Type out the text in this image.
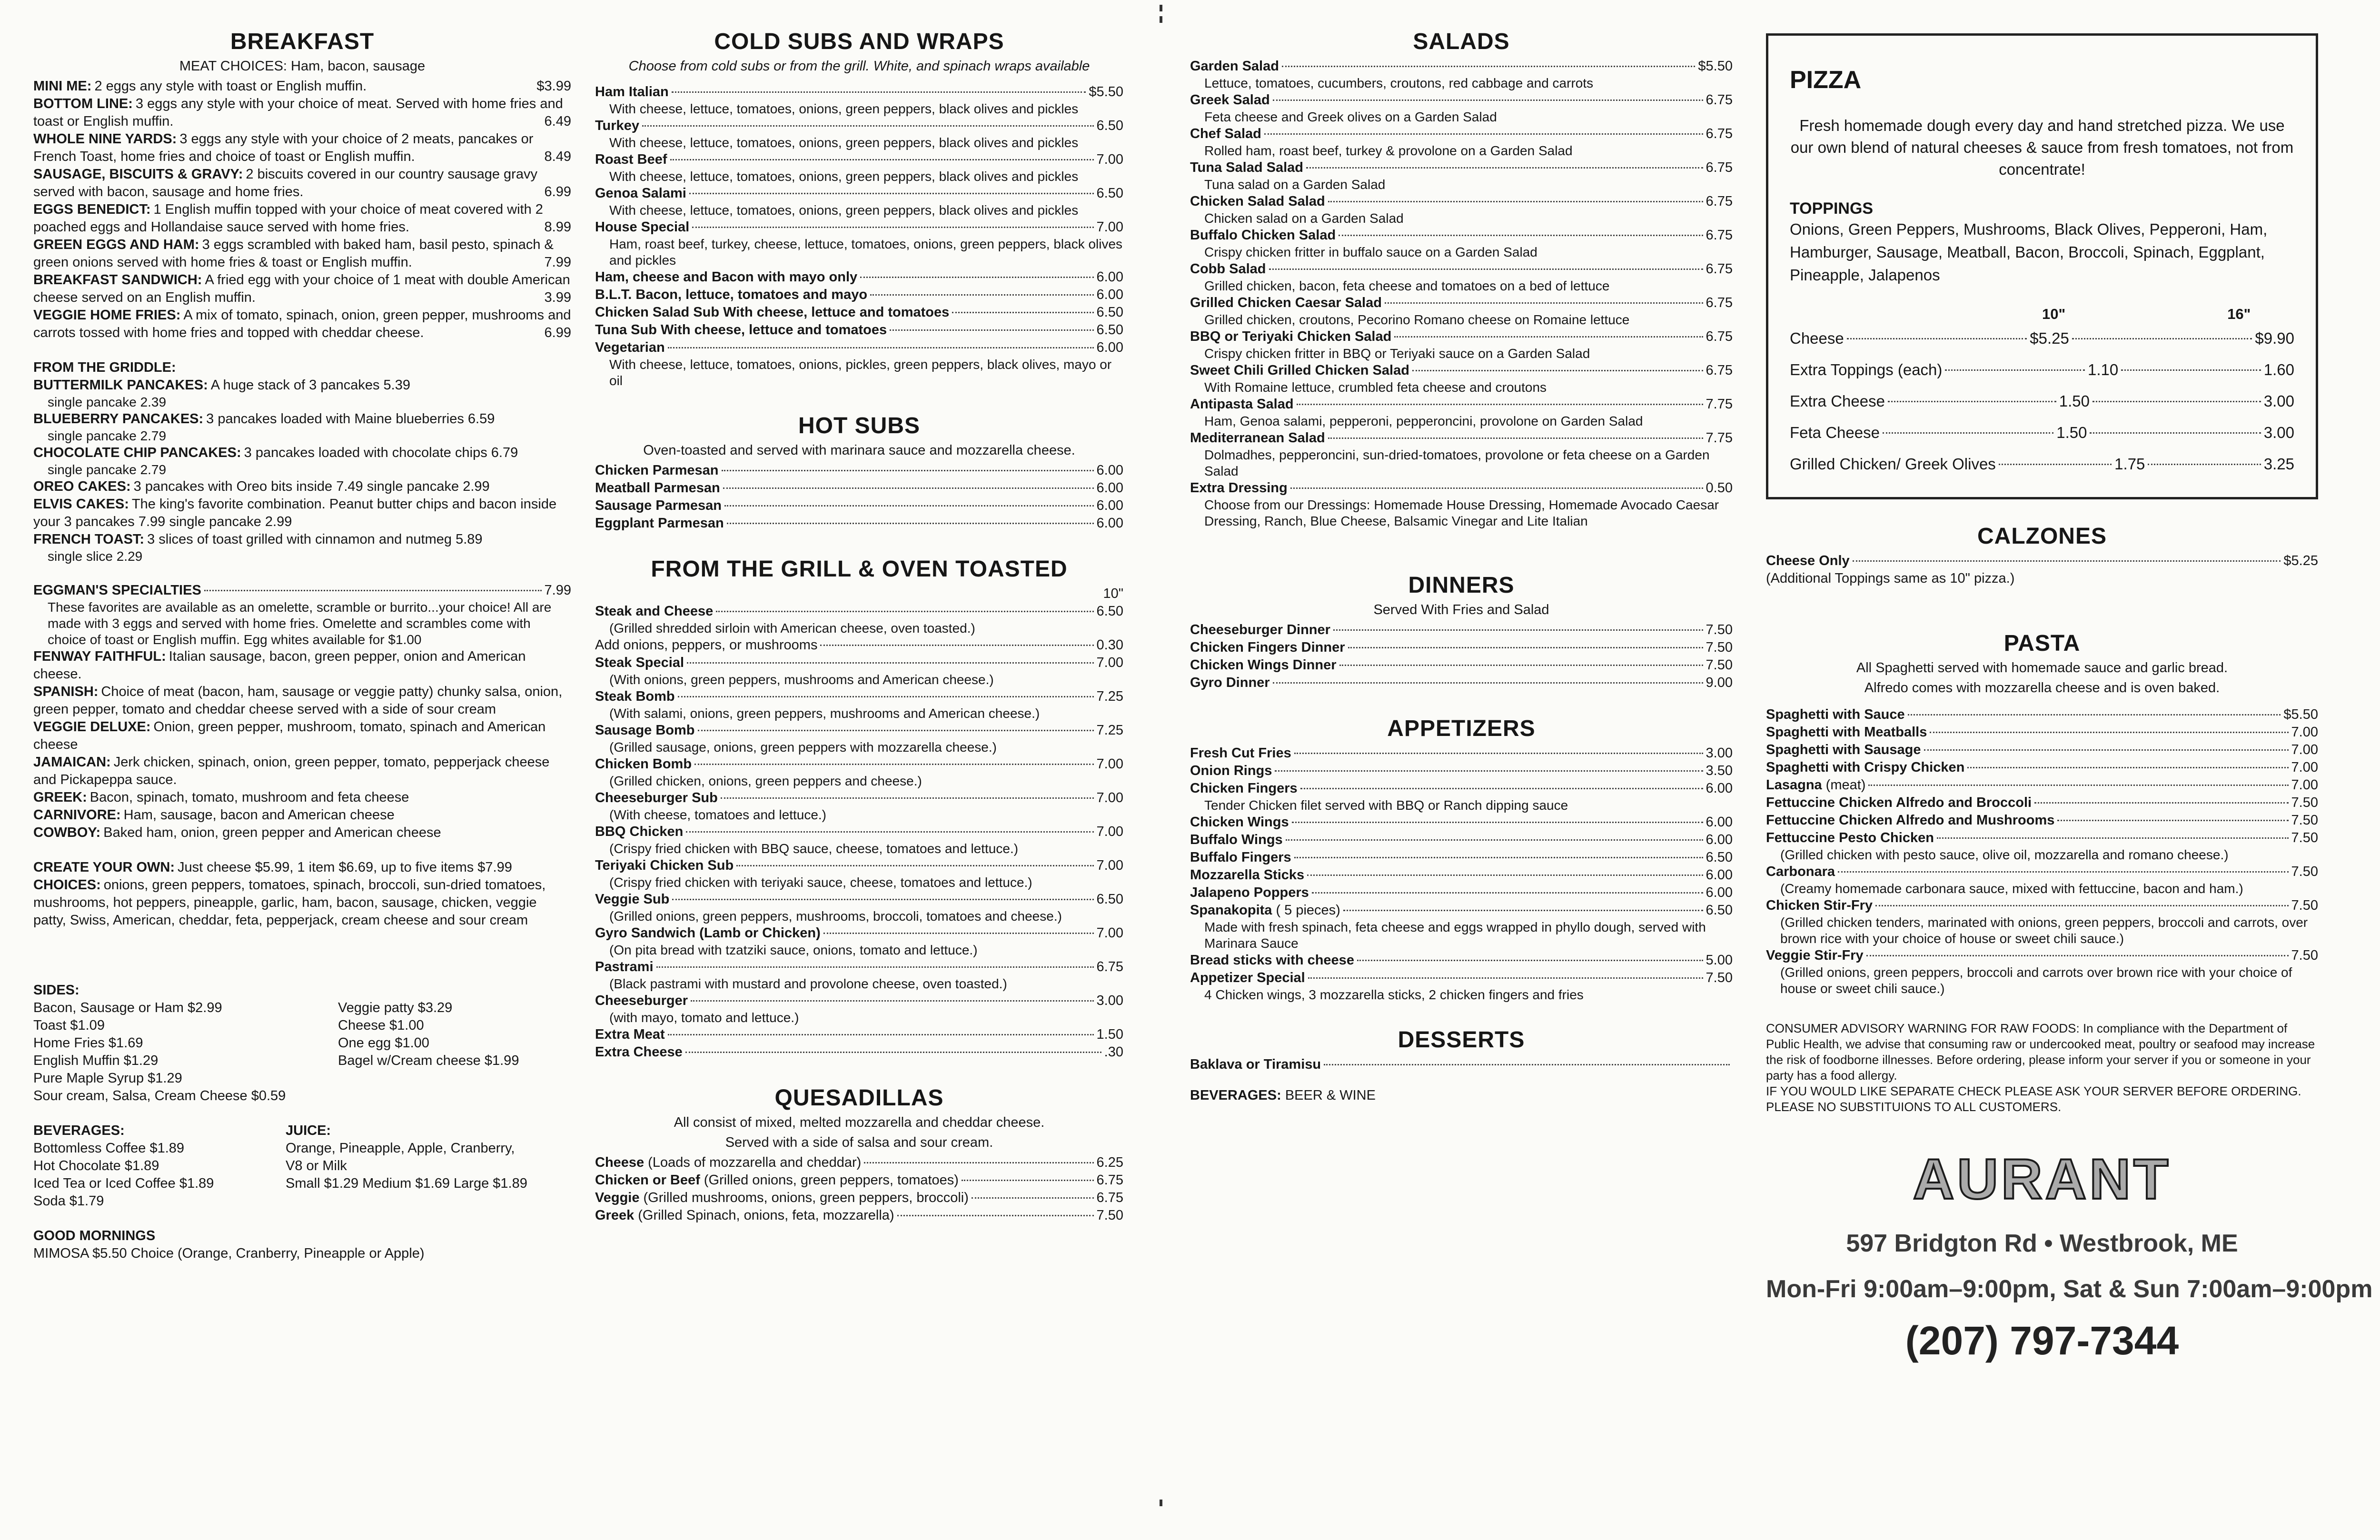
BREAKFAST
MEAT CHOICES: Ham, bacon, sausage
MINI ME: 2 eggs any style with toast or English muffin.	$3.99
BOTTOM LINE: 3 eggs any style with your choice of meat. Served with home fries and toast or English muffin.	6.49
WHOLE NINE YARDS: 3 eggs any style with your choice of 2 meats, pancakes or French Toast, home fries and choice of toast or English muffin.	8.49
SAUSAGE, BISCUITS & GRAVY: 2 biscuits covered in our country sausage gravy served with bacon, sausage and home fries.	6.99
EGGS BENEDICT: 1 English muffin topped with your choice of meat covered with 2 poached eggs and Hollandaise sauce served with home fries.	8.99
GREEN EGGS AND HAM: 3 eggs scrambled with baked ham, basil pesto, spinach & green onions served with home fries & toast or English muffin.	7.99
BREAKFAST SANDWICH: A fried egg with your choice of 1 meat with double American cheese served on an English muffin.	3.99
VEGGIE HOME FRIES: A mix of tomato, spinach, onion, green pepper, mushrooms and carrots tossed with home fries and topped with cheddar cheese.	6.99
FROM THE GRIDDLE:
BUTTERMILK PANCAKES: A huge stack of 3 pancakes 5.39
single pancake 2.39
BLUEBERRY PANCAKES: 3 pancakes loaded with Maine blueberries 6.59
single pancake 2.79
CHOCOLATE CHIP PANCAKES: 3 pancakes loaded with chocolate chips 6.79
single pancake 2.79
OREO CAKES: 3 pancakes with Oreo bits inside 7.49 single pancake 2.99
ELVIS CAKES: The king's favorite combination. Peanut butter chips and bacon inside your 3 pancakes 7.99 single pancake 2.99
FRENCH TOAST: 3 slices of toast grilled with cinnamon and nutmeg 5.89
single slice 2.29
EGGMAN'S SPECIALTIES	7.99
These favorites are available as an omelette, scramble or burrito...your choice! All are made with 3 eggs and served with home fries. Omelette and scrambles come with choice of toast or English muffin. Egg whites available for $1.00
FENWAY FAITHFUL: Italian sausage, bacon, green pepper, onion and American cheese.
SPANISH: Choice of meat (bacon, ham, sausage or veggie patty) chunky salsa, onion, green pepper, tomato and cheddar cheese served with a side of sour cream
VEGGIE DELUXE: Onion, green pepper, mushroom, tomato, spinach and American cheese
JAMAICAN: Jerk chicken, spinach, onion, green pepper, tomato, pepperjack cheese and Pickapeppa sauce.
GREEK: Bacon, spinach, tomato, mushroom and feta cheese
CARNIVORE: Ham, sausage, bacon and American cheese
COWBOY: Baked ham, onion, green pepper and American cheese
CREATE YOUR OWN: Just cheese $5.99, 1 item $6.69, up to five items $7.99
CHOICES: onions, green peppers, tomatoes, spinach, broccoli, sun-dried tomatoes, mushrooms, hot peppers, pineapple, garlic, ham, bacon, sausage, chicken, veggie patty, Swiss, American, cheddar, feta, pepperjack, cream cheese and sour cream
SIDES:
Bacon, Sausage or Ham $2.99
Toast $1.09
Home Fries $1.69
English Muffin $1.29
Pure Maple Syrup $1.29
Veggie patty $3.29
Cheese $1.00
One egg $1.00
Bagel w/Cream cheese $1.99
Sour cream, Salsa, Cream Cheese $0.59
BEVERAGES:
Bottomless Coffee $1.89
Hot Chocolate $1.89
Iced Tea or Iced Coffee $1.89
Soda $1.79
JUICE:
Orange, Pineapple, Apple, Cranberry,
V8 or Milk
Small $1.29 Medium $1.69 Large $1.89
GOOD MORNINGS
MIMOSA $5.50 Choice (Orange, Cranberry, Pineapple or Apple)
COLD SUBS AND WRAPS
Choose from cold subs or from the grill. White, and spinach wraps available
Ham Italian	$5.50
With cheese, lettuce, tomatoes, onions, green peppers, black olives and pickles
Turkey	6.50
With cheese, lettuce, tomatoes, onions, green peppers, black olives and pickles
Roast Beef	7.00
With cheese, lettuce, tomatoes, onions, green peppers, black olives and pickles
Genoa Salami	6.50
With cheese, lettuce, tomatoes, onions, green peppers, black olives and pickles
House Special	7.00
Ham, roast beef, turkey, cheese, lettuce, tomatoes, onions, green peppers, black olives and pickles
Ham, cheese and Bacon with mayo only	6.00
B.L.T. Bacon, lettuce, tomatoes and mayo	6.00
Chicken Salad Sub With cheese, lettuce and tomatoes	6.50
Tuna Sub With cheese, lettuce and tomatoes	6.50
Vegetarian	6.00
With cheese, lettuce, tomatoes, onions, pickles, green peppers, black olives, mayo or oil
HOT SUBS
Oven-toasted and served with marinara sauce and mozzarella cheese.
Chicken Parmesan	6.00
Meatball Parmesan	6.00
Sausage Parmesan	6.00
Eggplant Parmesan	6.00
FROM THE GRILL & OVEN TOASTED
10"
Steak and Cheese	6.50
(Grilled shredded sirloin with American cheese, oven toasted.)
Add onions, peppers, or mushrooms	0.30
Steak Special	7.00
(With onions, green peppers, mushrooms and American cheese.)
Steak Bomb	7.25
(With salami, onions, green peppers, mushrooms and American cheese.)
Sausage Bomb	7.25
(Grilled sausage, onions, green peppers with mozzarella cheese.)
Chicken Bomb	7.00
(Grilled chicken, onions, green peppers and cheese.)
Cheeseburger Sub	7.00
(With cheese, tomatoes and lettuce.)
BBQ Chicken	7.00
(Crispy fried chicken with BBQ sauce, cheese, tomatoes and lettuce.)
Teriyaki Chicken Sub	7.00
(Crispy fried chicken with teriyaki sauce, cheese, tomatoes and lettuce.)
Veggie Sub	6.50
(Grilled onions, green peppers, mushrooms, broccoli, tomatoes and cheese.)
Gyro Sandwich (Lamb or Chicken)	7.00
(On pita bread with tzatziki sauce, onions, tomato and lettuce.)
Pastrami	6.75
(Black pastrami with mustard and provolone cheese, oven toasted.)
Cheeseburger	3.00
(with mayo, tomato and lettuce.)
Extra Meat	1.50
Extra Cheese	.30
QUESADILLAS
All consist of mixed, melted mozzarella and cheddar cheese.
Served with a side of salsa and sour cream.
Cheese (Loads of mozzarella and cheddar)	6.25
Chicken or Beef (Grilled onions, green peppers, tomatoes)	6.75
Veggie (Grilled mushrooms, onions, green peppers, broccoli)	6.75
Greek (Grilled Spinach, onions, feta, mozzarella)	7.50
SALADS
Garden Salad	$5.50
Lettuce, tomatoes, cucumbers, croutons, red cabbage and carrots
Greek Salad	6.75
Feta cheese and Greek olives on a Garden Salad
Chef Salad	6.75
Rolled ham, roast beef, turkey & provolone on a Garden Salad
Tuna Salad Salad	6.75
Tuna salad on a Garden Salad
Chicken Salad Salad	6.75
Chicken salad on a Garden Salad
Buffalo Chicken Salad	6.75
Crispy chicken fritter in buffalo sauce on a Garden Salad
Cobb Salad	6.75
Grilled chicken, bacon, feta cheese and tomatoes on a bed of lettuce
Grilled Chicken Caesar Salad	6.75
Grilled chicken, croutons, Pecorino Romano cheese on Romaine lettuce
BBQ or Teriyaki Chicken Salad	6.75
Crispy chicken fritter in BBQ or Teriyaki sauce on a Garden Salad
Sweet Chili Grilled Chicken Salad	6.75
With Romaine lettuce, crumbled feta cheese and croutons
Antipasta Salad	7.75
Ham, Genoa salami, pepperoni, pepperoncini, provolone on Garden Salad
Mediterranean Salad	7.75
Dolmadhes, pepperoncini, sun-dried-tomatoes, provolone or feta cheese on a Garden Salad
Extra Dressing	0.50
Choose from our Dressings: Homemade House Dressing, Homemade Avocado Caesar Dressing, Ranch, Blue Cheese, Balsamic Vinegar and Lite Italian
DINNERS
Served With Fries and Salad
Cheeseburger Dinner	7.50
Chicken Fingers Dinner	7.50
Chicken Wings Dinner	7.50
Gyro Dinner	9.00
APPETIZERS
Fresh Cut Fries	3.00
Onion Rings	3.50
Chicken Fingers	6.00
Tender Chicken filet served with BBQ or Ranch dipping sauce
Chicken Wings	6.00
Buffalo Wings	6.00
Buffalo Fingers	6.50
Mozzarella Sticks	6.00
Jalapeno Poppers	6.00
Spanakopita ( 5 pieces)	6.50
Made with fresh spinach, feta cheese and eggs wrapped in phyllo dough, served with Marinara Sauce
Bread sticks with cheese	5.00
Appetizer Special	7.50
4 Chicken wings, 3 mozzarella sticks, 2 chicken fingers and fries
DESSERTS
Baklava or Tiramisu
BEVERAGES: BEER & WINE
PIZZA
Fresh homemade dough every day and hand stretched pizza. We use our own blend of natural cheeses & sauce from fresh tomatoes, not from concentrate!
TOPPINGS
Onions, Green Peppers, Mushrooms, Black Olives, Pepperoni, Ham, Hamburger, Sausage, Meatball, Bacon, Broccoli, Spinach, Eggplant, Pineapple, Jalapenos
10"	16"
Cheese	$5.25	$9.90
Extra Toppings (each)	1.10	1.60
Extra Cheese	1.50	3.00
Feta Cheese	1.50	3.00
Grilled Chicken/ Greek Olives	1.75	3.25
CALZONES
Cheese Only	$5.25
(Additional Toppings same as 10" pizza.)
PASTA
All Spaghetti served with homemade sauce and garlic bread.
Alfredo comes with mozzarella cheese and is oven baked.
Spaghetti with Sauce	$5.50
Spaghetti with Meatballs	7.00
Spaghetti with Sausage	7.00
Spaghetti with Crispy Chicken	7.00
Lasagna (meat)	7.00
Fettuccine Chicken Alfredo and Broccoli	7.50
Fettuccine Chicken Alfredo and Mushrooms	7.50
Fettuccine Pesto Chicken	7.50
(Grilled chicken with pesto sauce, olive oil, mozzarella and romano cheese.)
Carbonara	7.50
(Creamy homemade carbonara sauce, mixed with fettuccine, bacon and ham.)
Chicken Stir-Fry	7.50
(Grilled chicken tenders, marinated with onions, green peppers, broccoli and carrots, over brown rice with your choice of house or sweet chili sauce.)
Veggie Stir-Fry	7.50
(Grilled onions, green peppers, broccoli and carrots over brown rice with your choice of house or sweet chili sauce.)
CONSUMER ADVISORY WARNING FOR RAW FOODS: In compliance with the Department of Public Health, we advise that consuming raw or undercooked meat, poultry or seafood may increase the risk of foodborne illnesses. Before ordering, please inform your server if you or someone in your party has a food allergy.
IF YOU WOULD LIKE SEPARATE CHECK PLEASE ASK YOUR SERVER BEFORE ORDERING. PLEASE NO SUBSTITUIONS TO ALL CUSTOMERS.
AURANT
597 Bridgton Rd • Westbrook, ME
Mon-Fri 9:00am–9:00pm, Sat & Sun 7:00am–9:00pm
(207) 797-7344
